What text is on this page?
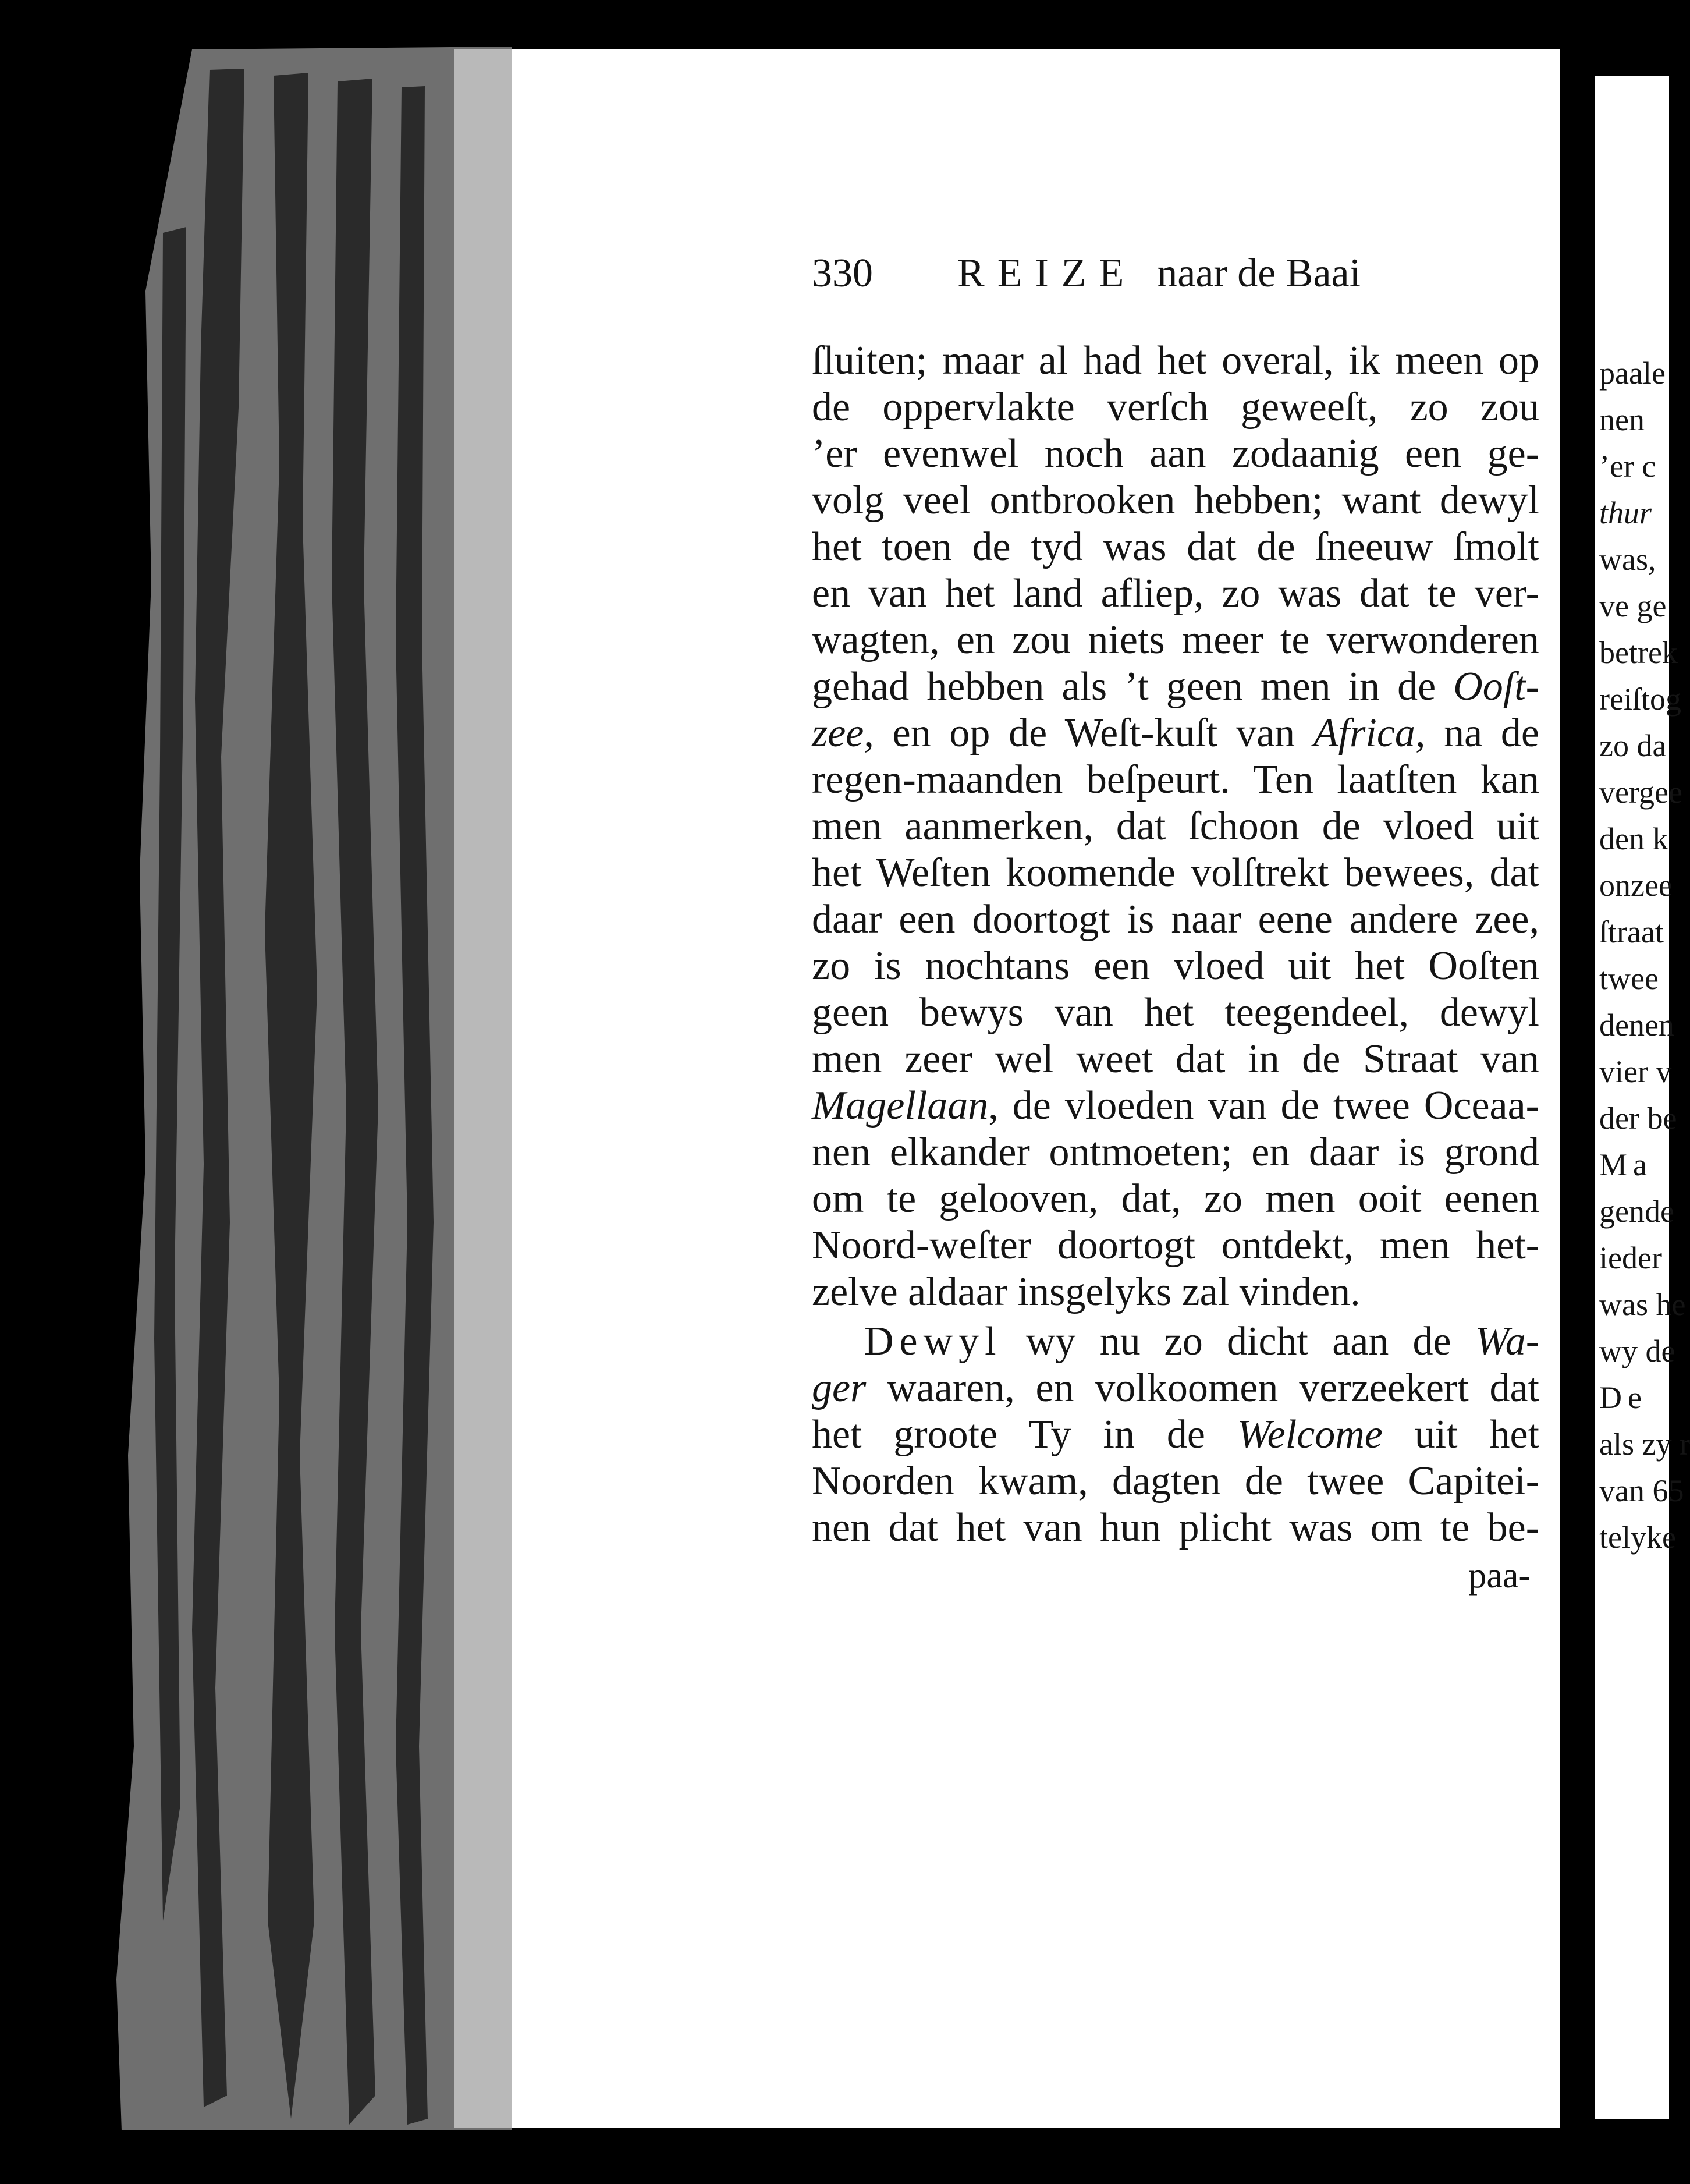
330 REIZE naar de Baai
ſluiten; maar al had het overal, ik meen op
de oppervlakte verſch geweeſt, zo zou
’er evenwel noch aan zodaanig een ge-
volg veel ontbrooken hebben; want dewyl
het toen de tyd was dat de ſneeuw ſmolt
en van het land afliep, zo was dat te ver-
wagten, en zou niets meer te verwonderen
gehad hebben als ’t geen men in de Ooſt-
zee, en op de Weſt-kuſt van Africa, na de
regen-maanden beſpeurt. Ten laatſten kan
men aanmerken, dat ſchoon de vloed uit
het Weſten koomende volſtrekt bewees, dat
daar een doortogt is naar eene andere zee,
zo is nochtans een vloed uit het Ooſten
geen bewys van het teegendeel, dewyl
men zeer wel weet dat in de Straat van
Magellaan, de vloeden van de twee Oceaa-
nen elkander ontmoeten; en daar is grond
om te gelooven, dat, zo men ooit eenen
Noord-weſter doortogt ontdekt, men het-
zelve aldaar insgelyks zal vinden.
Dewyl wy nu zo dicht aan de Wa-
ger waaren, en volkoomen verzeekert dat
het groote Ty in de Welcome uit het
Noorden kwam, dagten de twee Capitei-
nen dat het van hun plicht was om te be-
paa-
paale
nen
’er c
thur
was,
ve ge
betrek
reiſtog
zo da
vergee
den k
onzee
ſtraat
twee
denen
vier v
der be
Ma
gende
ieder
was he
wy de
De
als zy r
van 65
telyke
